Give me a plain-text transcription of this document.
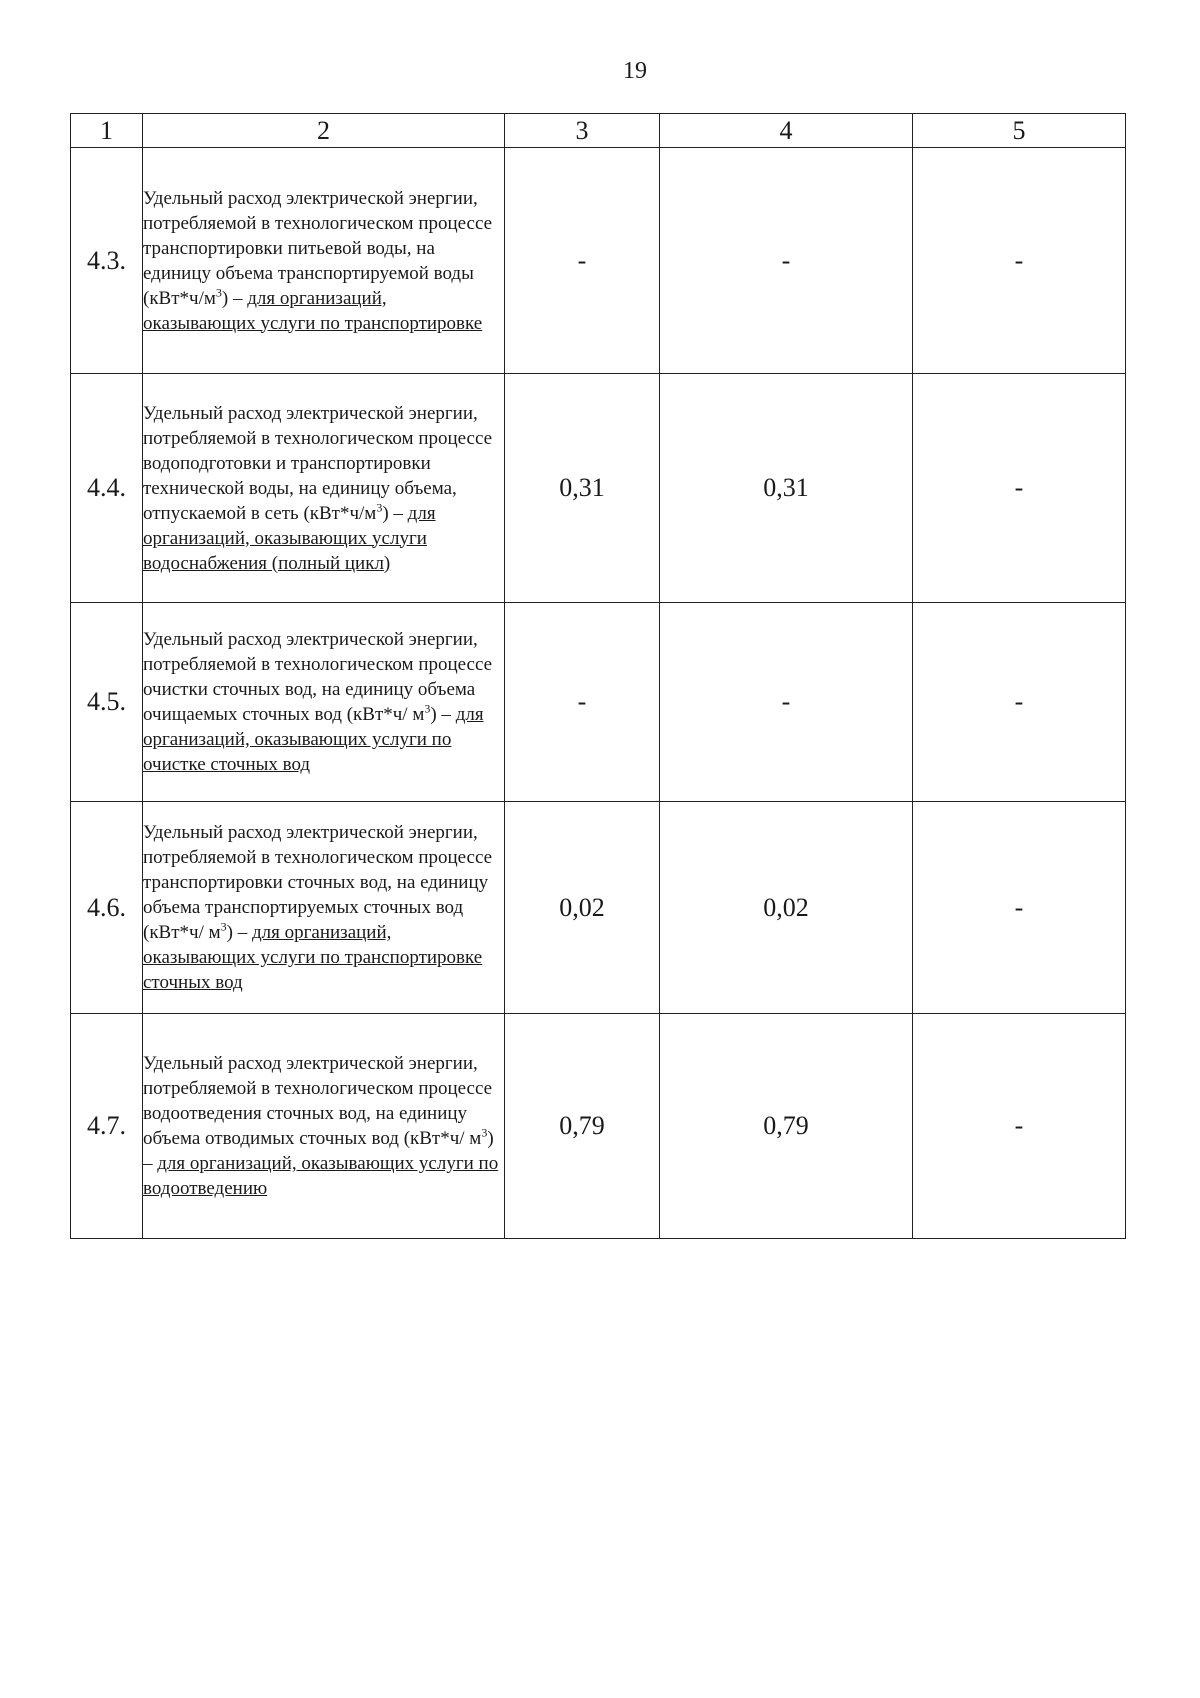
19
1	2	3	4	5
4.3.	Удельный расход электрической энергии, потребляемой в технологическом процессе транспортировки питьевой воды, на единицу объема транспортируемой воды $(кВт*ч/м^3)$ – для организаций, оказывающих услуги по транспортировке	-	-	-
4.4.	Удельный расход электрической энергии, потребляемой в технологическом процессе водоподготовки и транспортировки технической воды, на единицу объема, отпускаемой в сеть $(кВт*ч/м^3)$ – для организаций, оказывающих услуги водоснабжения (полный цикл)	0,31	0,31	-
4.5.	Удельный расход электрической энергии, потребляемой в технологическом процессе очистки сточных вод, на единицу объема очищаемых сточных вод (кВт*ч/ $м^3$) – для организаций, оказывающих услуги по очистке сточных вод	-	-	-
4.6.	Удельный расход электрической энергии, потребляемой в технологическом процессе транспортировки сточных вод, на единицу объема транспортируемых сточных вод (кВт*ч/ $м^3$) – для организаций, оказывающих услуги по транспортировке сточных вод	0,02	0,02	-
4.7.	Удельный расход электрической энергии, потребляемой в технологическом процессе водоотведения сточных вод, на единицу объема отводимых сточных вод (кВт*ч/ $м^3$) – для организаций, оказывающих услуги по водоотведению	0,79	0,79	-
